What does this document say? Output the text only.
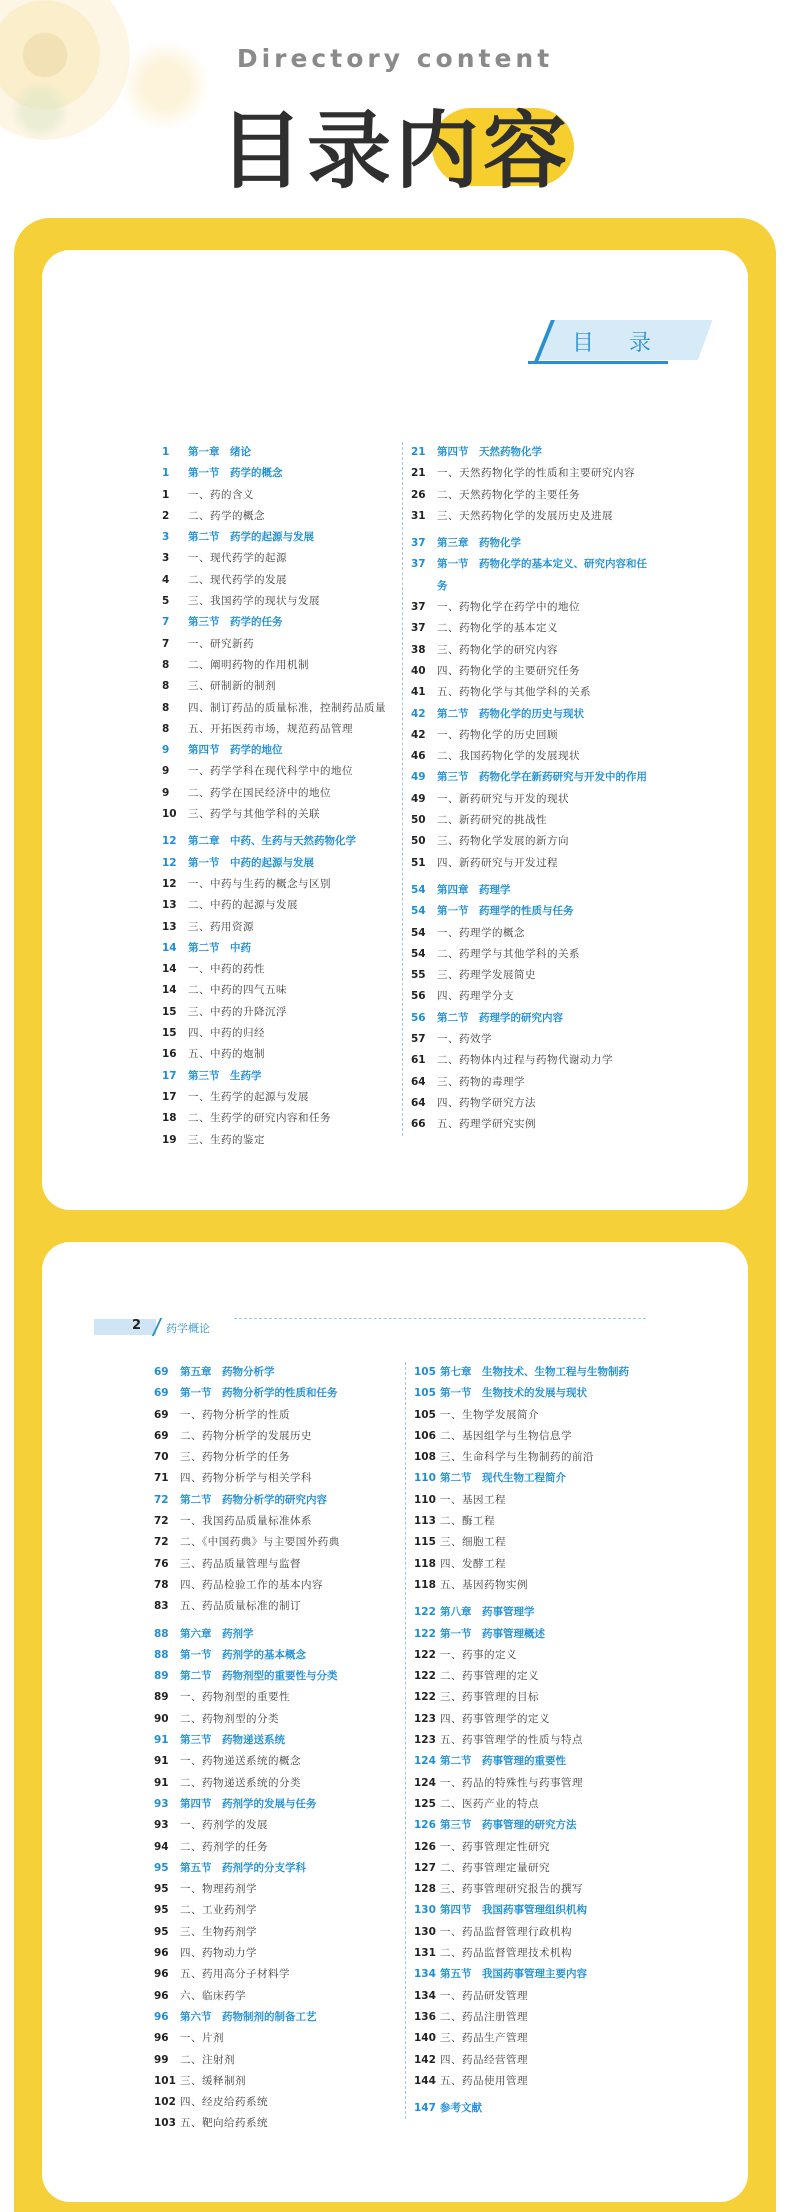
Directory content
目录内容
目 录
2 药学概论
1	第一章　绪论
1	第一节　药学的概念
1	一、药的含义
2	二、药学的概念
3	第二节　药学的起源与发展
3	一、现代药学的起源
4	二、现代药学的发展
5	三、我国药学的现状与发展
7	第三节　药学的任务
7	一、研究新药
8	二、阐明药物的作用机制
8	三、研制新的制剂
8	四、制订药品的质量标准，控制药品质量
8	五、开拓医药市场，规范药品管理
9	第四节　药学的地位
9	一、药学学科在现代科学中的地位
9	二、药学在国民经济中的地位
10	三、药学与其他学科的关联
12	第二章　中药、生药与天然药物化学
12	第一节　中药的起源与发展
12	一、中药与生药的概念与区别
13	二、中药的起源与发展
13	三、药用资源
14	第二节　中药
14	一、中药的药性
14	二、中药的四气五味
15	三、中药的升降沉浮
15	四、中药的归经
16	五、中药的炮制
17	第三节　生药学
17	一、生药学的起源与发展
18	二、生药学的研究内容和任务
19	三、生药的鉴定
21	第四节　天然药物化学
21	一、天然药物化学的性质和主要研究内容
26	二、天然药物化学的主要任务
31	三、天然药物化学的发展历史及进展
37	第三章　药物化学
37	第一节　药物化学的基本定义、研究内容和任务
37	一、药物化学在药学中的地位
37	二、药物化学的基本定义
38	三、药物化学的研究内容
40	四、药物化学的主要研究任务
41	五、药物化学与其他学科的关系
42	第二节　药物化学的历史与现状
42	一、药物化学的历史回顾
46	二、我国药物化学的发展现状
49	第三节　药物化学在新药研究与开发中的作用
49	一、新药研究与开发的现状
50	二、新药研究的挑战性
50	三、药物化学发展的新方向
51	四、新药研究与开发过程
54	第四章　药理学
54	第一节　药理学的性质与任务
54	一、药理学的概念
54	二、药理学与其他学科的关系
55	三、药理学发展简史
56	四、药理学分支
56	第二节　药理学的研究内容
57	一、药效学
61	二、药物体内过程与药物代谢动力学
64	三、药物的毒理学
64	四、药物学研究方法
66	五、药理学研究实例
69	第五章　药物分析学
69	第一节　药物分析学的性质和任务
69	一、药物分析学的性质
69	二、药物分析学的发展历史
70	三、药物分析学的任务
71	四、药物分析学与相关学科
72	第二节　药物分析学的研究内容
72	一、我国药品质量标准体系
72	二、《中国药典》与主要国外药典
76	三、药品质量管理与监督
78	四、药品检验工作的基本内容
83	五、药品质量标准的制订
88	第六章　药剂学
88	第一节　药剂学的基本概念
89	第二节　药物剂型的重要性与分类
89	一、药物剂型的重要性
90	二、药物剂型的分类
91	第三节　药物递送系统
91	一、药物递送系统的概念
91	二、药物递送系统的分类
93	第四节　药剂学的发展与任务
93	一、药剂学的发展
94	二、药剂学的任务
95	第五节　药剂学的分支学科
95	一、物理药剂学
95	二、工业药剂学
95	三、生物药剂学
96	四、药物动力学
96	五、药用高分子材料学
96	六、临床药学
96	第六节　药物制剂的制备工艺
96	一、片剂
99	二、注射剂
101 三、缓释制剂
102 四、经皮给药系统
103 五、靶向给药系统
105 第七章　生物技术、生物工程与生物制药
105 第一节　生物技术的发展与现状
105 一、生物学发展简介
106 二、基因组学与生物信息学
108 三、生命科学与生物制药的前沿
110 第二节　现代生物工程简介
110 一、基因工程
113 二、酶工程
115 三、细胞工程
118 四、发酵工程
118 五、基因药物实例
122 第八章　药事管理学
122 第一节　药事管理概述
122 一、药事的定义
122 二、药事管理的定义
122 三、药事管理的目标
123 四、药事管理学的定义
123 五、药事管理学的性质与特点
124 第二节　药事管理的重要性
124 一、药品的特殊性与药事管理
125 二、医药产业的特点
126 第三节　药事管理的研究方法
126 一、药事管理定性研究
127 二、药事管理定量研究
128 三、药事管理研究报告的撰写
130 第四节　我国药事管理组织机构
130 一、药品监督管理行政机构
131 二、药品监督管理技术机构
134 第五节　我国药事管理主要内容
134 一、药品研发管理
136 二、药品注册管理
140 三、药品生产管理
142 四、药品经营管理
144 五、药品使用管理
147 参考文献
